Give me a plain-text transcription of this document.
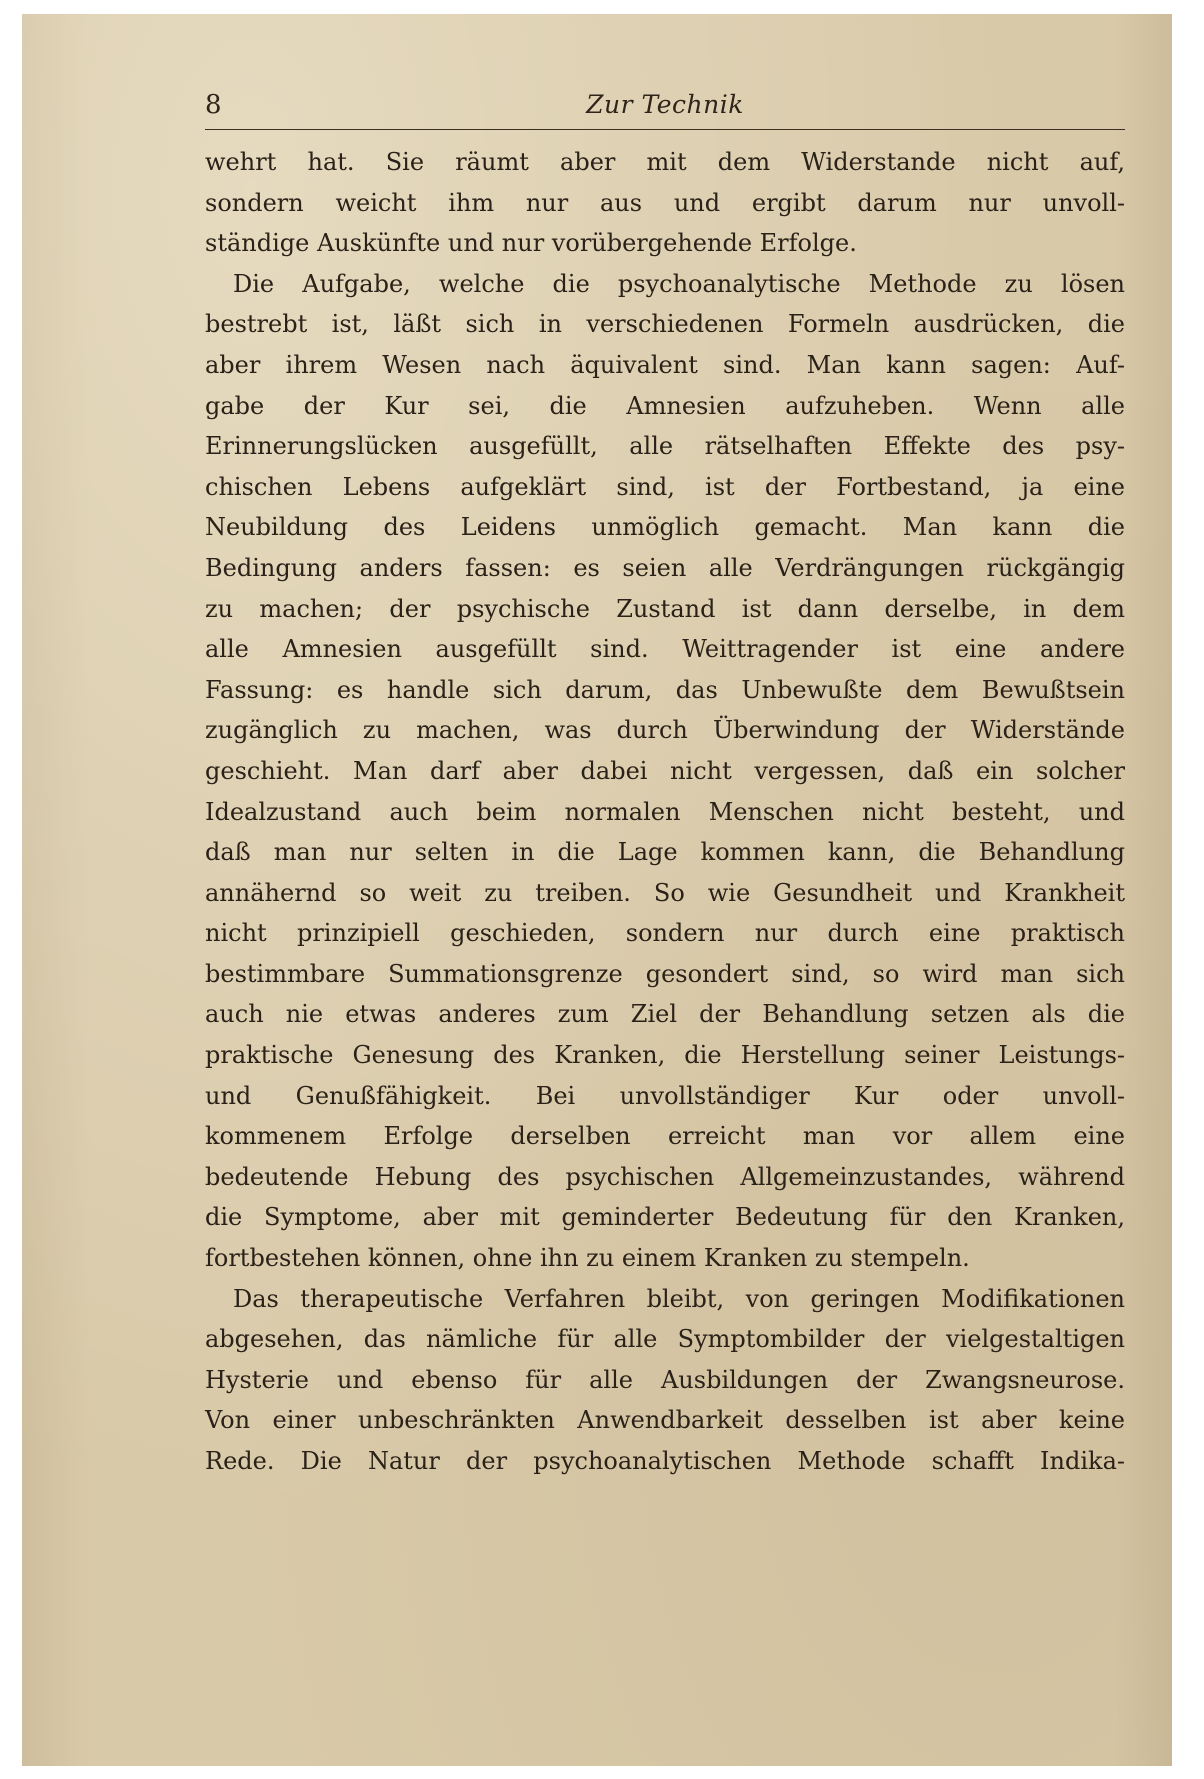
8	Zur Technik
wehrt hat. Sie räumt aber mit dem Widerstande nicht auf,
sondern weicht ihm nur aus und ergibt darum nur unvoll-
ständige Auskünfte und nur vorübergehende Erfolge.
Die Aufgabe, welche die psychoanalytische Methode zu lösen
bestrebt ist, läßt sich in verschiedenen Formeln ausdrücken, die
aber ihrem Wesen nach äquivalent sind. Man kann sagen: Auf-
gabe der Kur sei, die Amnesien aufzuheben. Wenn alle
Erinnerungslücken ausgefüllt, alle rätselhaften Effekte des psy-
chischen Lebens aufgeklärt sind, ist der Fortbestand, ja eine
Neubildung des Leidens unmöglich gemacht. Man kann die
Bedingung anders fassen: es seien alle Verdrängungen rückgängig
zu machen; der psychische Zustand ist dann derselbe, in dem
alle Amnesien ausgefüllt sind. Weittragender ist eine andere
Fassung: es handle sich darum, das Unbewußte dem Bewußtsein
zugänglich zu machen, was durch Überwindung der Widerstände
geschieht. Man darf aber dabei nicht vergessen, daß ein solcher
Idealzustand auch beim normalen Menschen nicht besteht, und
daß man nur selten in die Lage kommen kann, die Behandlung
annähernd so weit zu treiben. So wie Gesundheit und Krankheit
nicht prinzipiell geschieden, sondern nur durch eine praktisch
bestimmbare Summationsgrenze gesondert sind, so wird man sich
auch nie etwas anderes zum Ziel der Behandlung setzen als die
praktische Genesung des Kranken, die Herstellung seiner Leistungs-
und Genußfähigkeit. Bei unvollständiger Kur oder unvoll-
kommenem Erfolge derselben erreicht man vor allem eine
bedeutende Hebung des psychischen Allgemeinzustandes, während
die Symptome, aber mit geminderter Bedeutung für den Kranken,
fortbestehen können, ohne ihn zu einem Kranken zu stempeln.
Das therapeutische Verfahren bleibt, von geringen Modifikationen
abgesehen, das nämliche für alle Symptombilder der vielgestaltigen
Hysterie und ebenso für alle Ausbildungen der Zwangsneurose.
Von einer unbeschränkten Anwendbarkeit desselben ist aber keine
Rede. Die Natur der psychoanalytischen Methode schafft Indika-
